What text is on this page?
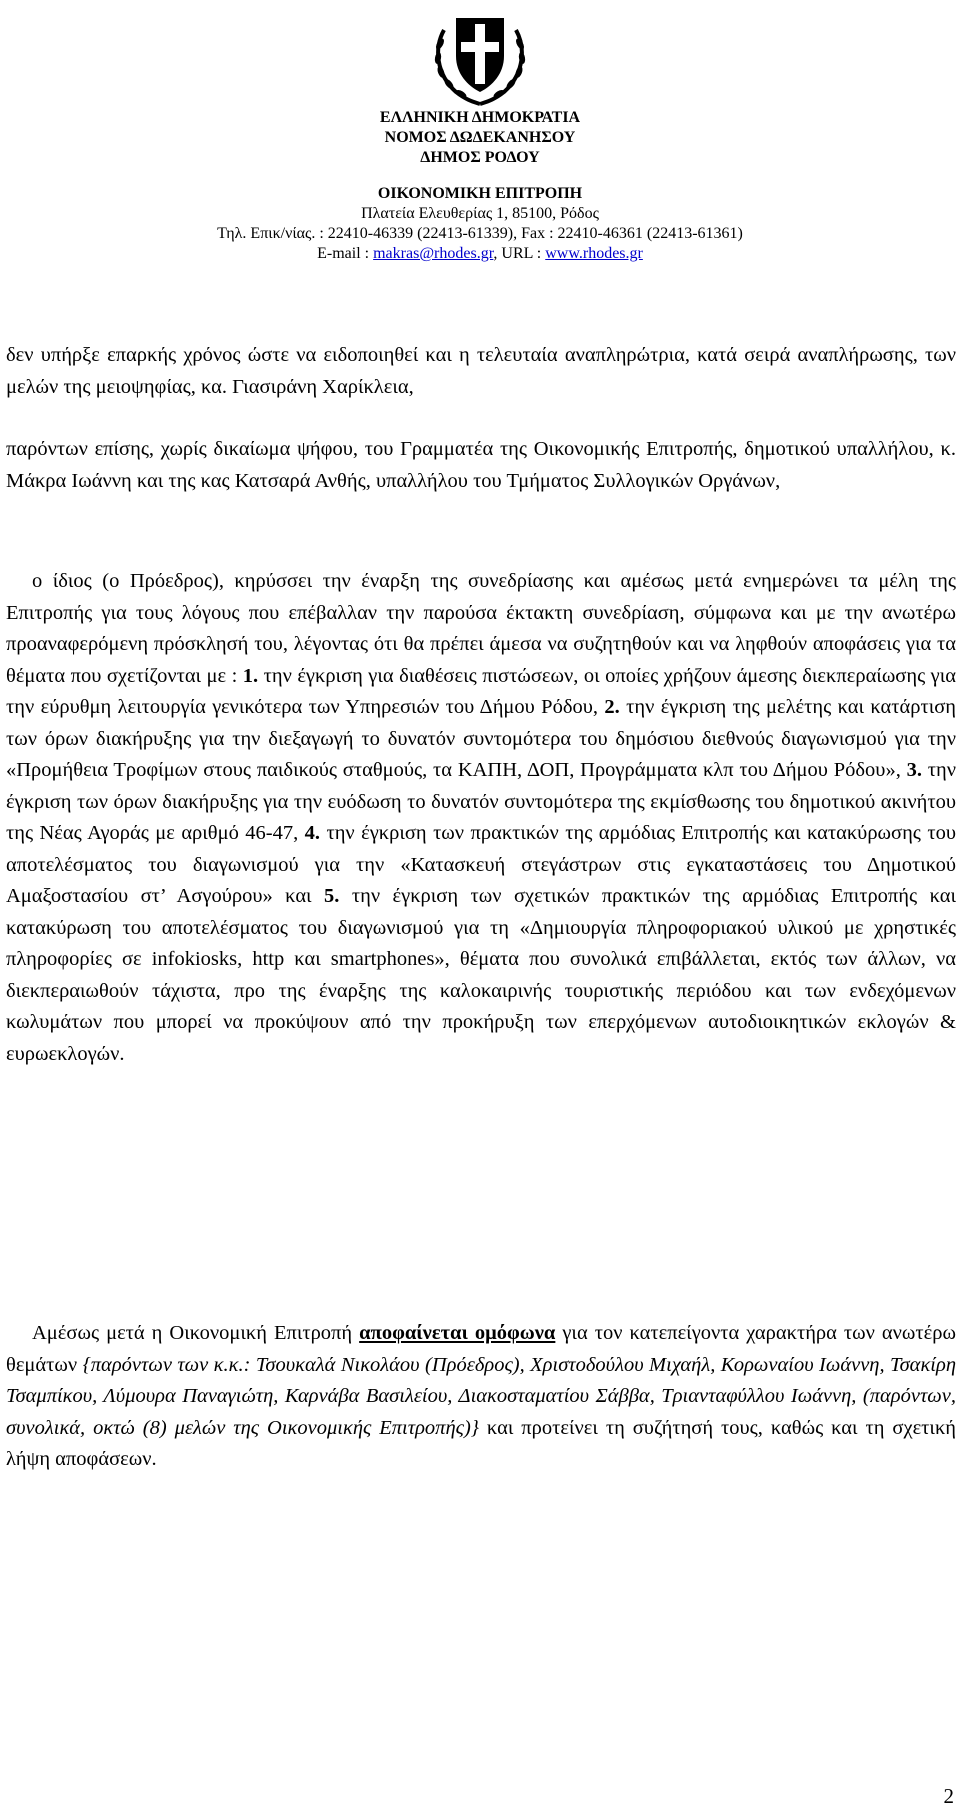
ΕΛΛΗΝΙΚΗ ΔΗΜΟΚΡΑΤΙΑ
ΝΟΜΟΣ ΔΩΔΕΚΑΝΗΣΟΥ
ΔΗΜΟΣ ΡΟΔΟΥ
ΟΙΚΟΝΟΜΙΚΗ ΕΠΙΤΡΟΠΗ
Πλατεία Ελευθερίας 1, 85100, Ρόδος
Τηλ. Επικ/νίας. : 22410-46339 (22413-61339), Fax : 22410-46361 (22413-61361)
E-mail : makras@rhodes.gr, URL : www.rhodes.gr

δεν υπήρξε επαρκής χρόνος ώστε να ειδοποιηθεί και η τελευταία αναπληρώτρια, κατά σειρά αναπλήρωσης, των μελών της μειοψηφίας, κα. Γιασιράνη Χαρίκλεια,

παρόντων επίσης, χωρίς δικαίωμα ψήφου, του Γραμματέα της Οικονομικής Επιτροπής, δημοτικού υπαλλήλου, κ. Μάκρα Ιωάννη και της κας Κατσαρά Ανθής, υπαλλήλου του Τμήματος Συλλογικών Οργάνων,

ο ίδιος (ο Πρόεδρος), κηρύσσει την έναρξη της συνεδρίασης και αμέσως μετά ενημερώνει τα μέλη της Επιτροπής για τους λόγους που επέβαλλαν την παρούσα έκτακτη συνεδρίαση, σύμφωνα και με την ανωτέρω προαναφερόμενη πρόσκλησή του, λέγοντας ότι θα πρέπει άμεσα να συζητηθούν και να ληφθούν αποφάσεις για τα θέματα που σχετίζονται με : 1. την έγκριση για διαθέσεις πιστώσεων, οι οποίες χρήζουν άμεσης διεκπεραίωσης για την εύρυθμη λειτουργία γενικότερα των Υπηρεσιών του Δήμου Ρόδου, 2. την έγκριση της μελέτης και κατάρτιση των όρων διακήρυξης για την διεξαγωγή το δυνατόν συντομότερα του δημόσιου διεθνούς διαγωνισμού για την «Προμήθεια Τροφίμων στους παιδικούς σταθμούς, τα ΚΑΠΗ, ΔΟΠ, Προγράμματα κλπ του Δήμου Ρόδου», 3. την έγκριση των όρων διακήρυξης για την ευόδωση το δυνατόν συντομότερα της εκμίσθωσης του δημοτικού ακινήτου της Νέας Αγοράς με αριθμό 46-47, 4. την έγκριση των πρακτικών της αρμόδιας Επιτροπής και κατακύρωσης του αποτελέσματος του διαγωνισμού για την «Κατασκευή στεγάστρων στις εγκαταστάσεις του Δημοτικού Αμαξοστασίου στ’ Ασγούρου» και 5. την έγκριση των σχετικών πρακτικών της αρμόδιας Επιτροπής και κατακύρωση του αποτελέσματος του διαγωνισμού για τη «Δημιουργία πληροφοριακού υλικού με χρηστικές πληροφορίες σε infokiosks, http και smartphones», θέματα που συνολικά επιβάλλεται, εκτός των άλλων, να διεκπεραιωθούν τάχιστα, προ της έναρξης της καλοκαιρινής τουριστικής περιόδου και των ενδεχόμενων κωλυμάτων που μπορεί να προκύψουν από την προκήρυξη των επερχόμενων αυτοδιοικητικών εκλογών & ευρωεκλογών.

Αμέσως μετά η Οικονομική Επιτροπή αποφαίνεται ομόφωνα για τον κατεπείγοντα χαρακτήρα των ανωτέρω θεμάτων {παρόντων των κ.κ.: Τσουκαλά Νικολάου (Πρόεδρος), Χριστοδούλου Μιχαήλ, Κορωναίου Ιωάννη, Τσακίρη Τσαμπίκου, Λύμουρα Παναγιώτη, Καρνάβα Βασιλείου, Διακοσταματίου Σάββα, Τριανταφύλλου Ιωάννη, (παρόντων, συνολικά, οκτώ (8) μελών της Οικονομικής Επιτροπής)} και προτείνει τη συζήτησή τους, καθώς και τη σχετική λήψη αποφάσεων.

2
